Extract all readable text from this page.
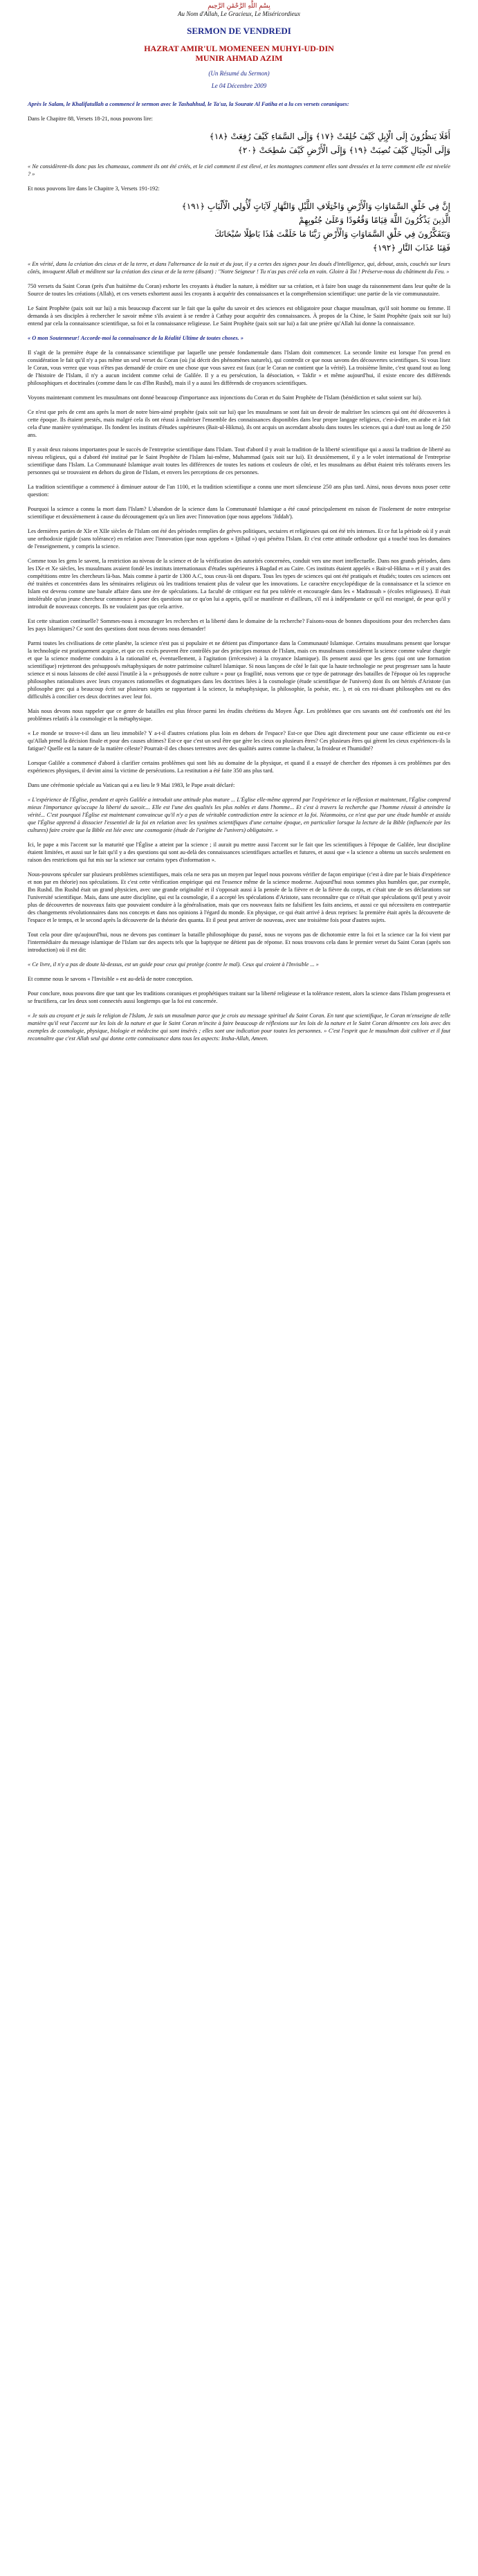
بِسْمِ اللَّهِ الرَّحْمَٰنِ الرَّحِيمِ
Au Nom d'Allah, Le Gracieux, Le Miséricordieux
SERMON DE VENDREDI
HAZRAT AMIR'UL MOMENEEN MUHYI-UD-DIN
MUNIR AHMAD AZIM
(Un Résumé du Sermon)
Le 04 Décembre 2009

Après le Salam, le Khalifatullah a commencé le sermon avec le Tashahhud, le Ta'uz, la Sourate Al Fatiha et a lu ces versets coraniques:

Dans le Chapitre 88, Versets 18-21, nous pouvons lire:

أَفَلَا يَنظُرُونَ إِلَى الْإِبِلِ كَيْفَ خُلِقَتْ ﴿١٧﴾ وَإِلَى السَّمَاءِ كَيْفَ رُفِعَتْ ﴿١٨﴾
وَإِلَى الْجِبَالِ كَيْفَ نُصِبَتْ ﴿١٩﴾ وَإِلَى الْأَرْضِ كَيْفَ سُطِحَتْ ﴿٢٠﴾

« Ne considèrent-ils donc pas les chameaux, comment ils ont été créés, et le ciel comment il est élevé, et les montagnes comment elles sont dressées et la terre comment elle est nivelée ? »

Et nous pouvons lire dans le Chapitre 3, Versets 191-192:

إِنَّ فِي خَلْقِ السَّمَاوَاتِ وَالْأَرْضِ وَاخْتِلَافِ اللَّيْلِ وَالنَّهَارِ لَآيَاتٍ لِّأُولِي الْأَلْبَابِ ﴿١٩١﴾
الَّذِينَ يَذْكُرُونَ اللَّهَ قِيَامًا وَقُعُودًا وَعَلَىٰ جُنُوبِهِمْ
وَيَتَفَكَّرُونَ فِي خَلْقِ السَّمَاوَاتِ وَالْأَرْضِ رَبَّنَا مَا خَلَقْتَ هَٰذَا بَاطِلًا سُبْحَانَكَ
فَقِنَا عَذَابَ النَّارِ ﴿١٩٢﴾

« En vérité, dans la création des cieux et de la terre, et dans l'alternance de la nuit et du jour, il y a certes des signes pour les doués d'intelligence, qui, debout, assis, couchés sur leurs côtés, invoquent Allah et méditent sur la création des cieux et de la terre (disant) : "Notre Seigneur ! Tu n'as pas créé cela en vain. Gloire à Toi ! Préserve-nous du châtiment du Feu. »

750 versets du Saint Coran (près d'un huitième du Coran) exhorte les croyants à étudier la nature, à méditer sur sa création, et à faire bon usage du raisonnement dans leur quête de la Source de toutes les créations (Allah), et ces versets exhortent aussi les croyants à acquérir des connaissances et la compréhension scientifique: une partie de la vie communautaire.

Le Saint Prophète (paix soit sur lui) a mis beaucoup d'accent sur le fait que la quête du savoir et des sciences est obligatoire pour chaque musulman, qu'il soit homme ou femme. Il demanda à ses disciples à rechercher le savoir même s'ils avaient à se rendre à Cathay pour acquérir des connaissances. À propos de la Chine, le Saint Prophète (paix soit sur lui) entend par cela la connaissance scientifique, sa foi et la connaissance religieuse. Le Saint Prophète (paix soit sur lui) a fait une prière qu'Allah lui donne la connaissance.

« O mon Soutenneur! Accorde-moi la connaissance de la Réalité Ultime de toutes choses. »

Il s'agit de la première étape de la connaissance scientifique par laquelle une pensée fondamentale dans l'Islam doit commencer. La seconde limite est lorsque l'on prend en considération le fait qu'il n'y a pas même un seul verset du Coran (où j'ai décrit des phénomènes naturels), qui contredit ce que nous savons des découvertes scientifiques. Si vous lisez le Coran, vous verrez que vous n'êtes pas demandé de croire en une chose que vous savez est faux (car le Coran ne contient que la vérité). La troisième limite, c'est quand tout au long de l'histoire de l'Islam, il n'y a aucun incident comme celui de Galilée. Il y a eu persécution, la désociation, « Takfir » et même aujourd'hui, il existe encore des différends philosophiques et doctrinales (comme dans le cas d'Ibn Rushd), mais il y a aussi les différends de croyances scientifiques.

Voyons maintenant comment les musulmans ont donné beaucoup d'importance aux injonctions du Coran et du Saint Prophète de l'Islam (bénédiction et salut soient sur lui).

Ce n'est que près de cent ans après la mort de notre bien-aimé prophète (paix soit sur lui) que les musulmans se sont fait un devoir de maîtriser les sciences qui ont été découvertes à cette époque. Ils étaient prestés, mais malgré cela ils ont réussi à maîtriser l'ensemble des connaissances disponibles dans leur propre langage religieux, c'est-à-dire, en arabe et à fait cela d'une manière systématique. Ils fondent les instituts d'études supérieures (Bait-ul-Hikma), ils ont acquis un ascendant absolu dans toutes les sciences qui a duré tout au long de 250 ans.

Il y avait deux raisons importantes pour le succès de l'entreprise scientifique dans l'Islam. Tout d'abord il y avait la tradition de la liberté scientifique qui a aussi la tradition de liberté au niveau religieux, qui a d'abord été institué par le Saint Prophète de l'Islam lui-même, Muhammad (paix soit sur lui). Et deuxièmement, il y a le volet international de l'entreprise scientifique dans l'Islam. La Communauté Islamique avait toutes les différences de toutes les nations et couleurs de côté, et les musulmans au début étaient très tolérants envers les personnes qui se trouvaient en dehors du giron de l'Islam, et envers les perceptions de ces personnes.

La tradition scientifique a commencé à diminuer autour de l'an 1100, et la tradition scientifique a connu une mort silencieuse 250 ans plus tard. Ainsi, nous devons nous poser cette question:

Pourquoi la science a connu la mort dans l'Islam? L'abandon de la science dans la Communauté Islamique a été causé principalement en raison de l'isolement de notre entreprise scientifique et deuxièmement à cause du découragement qu'a un lien avec l'innovation (que nous appelons 'Jiddah').

Les dernières parties de XIe et XIIe siècles de l'Islam ont été des périodes remplies de grèves politiques, sectaires et religieuses qui ont été très intenses. Et ce fut la période où il y avait une orthodoxie rigide (sans tolérance) en relation avec l'innovation (que nous appelons « Ijtihad ») qui pénétra l'Islam. Et c'est cette attitude orthodoxe qui a touché tous les domaines de l'enseignement, y compris la science.

Comme tous les gens le savent, la restriction au niveau de la science et de la vérification des autorités concernées, conduit vers une mort intellectuelle. Dans nos grands périodes, dans les IXe et Xe siècles, les musulmans avaient fondé les instituts internationaux d'études supérieures à Bagdad et au Caire. Ces instituts étaient appelés « Bait-ul-Hikma » et il y avait des compétitions entre les chercheurs là-bas. Mais comme à partir de 1300 A.C, tous ceux-là ont disparu. Tous les types de sciences qui ont été pratiqués et étudiés; toutes ces sciences ont été traitées et concentrées dans les séminaires religieux où les traditions tenaient plus de valeur que les innovations. Le caractère encyclopédique de la connaissance et la science en Islam est devenu comme une banale affaire dans une ère de spéculations. La faculté de critiquer est fut peu tolérée et encouragée dans les « Madrassah » (écoles religieuses). Il était intolérable qu'un jeune chercheur commence à poser des questions sur ce qu'on lui a appris, qu'il se manifeste et d'ailleurs, s'il est à indépendante ce qu'il est enseigné, de peur qu'il y introduit de nouveaux concepts. Ils ne voulaient pas que cela arrive.

Est cette situation continuelle? Sommes-nous à encourager les recherches et la liberté dans le domaine de la recherche? Faisons-nous de bonnes dispositions pour des recherches dans les pays Islamiques? Ce sont des questions dont nous devons nous demander!

Parmi toutes les civilisations de cette planète, la science n'est pas si populaire et ne détient pas d'importance dans la Communauté Islamique. Certains musulmans pensent que lorsque la technologie est pratiquement acquise, et que ces excès peuvent être contrôlés par des principes moraux de l'Islam, mais ces musulmans considèrent la science comme valeur chargée et que la science moderne conduira à la rationalité et, éventuellement, à l'agitation (irrécessive) à la croyance Islamique). Ils pensent aussi que les gens (qui ont une formation scientifique) rejetteront des présupposés métaphysiques de notre patrimoine culturel Islamique. Si nous lançons de côté le fait que la haute technologie ne peut progresser sans la haute science et si nous laissons de côté aussi l'inutile à la « présupposés de notre culture » pour ça fragilité, nous verrons que ce type de patronage des batailles de l'époque où les rapproche philosophes rationalistes avec leurs croyances rationnelles et dogmatiques dans les doctrines liées à la cosmologie (étude scientifique de l'univers) dont ils ont hérités d'Aristote (un philosophe grec qui a beaucoup écrit sur plusieurs sujets se rapportant à la science, la métaphysique, la philosophie, la poésie, etc. ), et où ces roi-disant philosophes ont eu des difficultés à concilier ces deux doctrines avec leur foi.

Mais nous devons nous rappeler que ce genre de batailles est plus féroce parmi les érudits chrétiens du Moyen Âge. Les problèmes que ces savants ont été confrontés ont été les problèmes relatifs à la cosmologie et la métaphysique.

« Le monde se trouve-t-il dans un lieu immobile? Y a-t-il d'autres créations plus loin en dehors de l'espace? Est-ce que Dieu agit directement pour une cause efficiente ou est-ce qu'Allah prend la décision finale et pour des causes ultimes? Est-ce que c'est un seul être que gère les cieux ou plusieurs êtres? Ces plusieurs êtres qui gèrent les cieux expériences-ils la fatigue? Quelle est la nature de la matière céleste? Pourrait-il des choses terrestres avec des qualités autres comme la chaleur, la froideur et l'humidité?

Lorsque Galilée a commencé d'abord à clarifier certains problèmes qui sont liés au domaine de la physique, et quand il a essayé de chercher des réponses à ces problèmes par des expériences physiques, il devint ainsi la victime de persécutions. La restitution a été faite 350 ans plus tard.

Dans une cérémonie spéciale au Vatican qui a eu lieu le 9 Mai 1983, le Pape avait déclaré:

« L'expérience de l'Église, pendant et après Galilée a introduit une attitude plus mature ... L'Église elle-même apprend par l'expérience et la réflexion et maintenant, l'Église comprend mieux l'importance qu'occupe la liberté du savoir.... Elle est l'une des qualités les plus nobles et dans l'homme... Et c'est à travers la recherche que l'homme réussit à atteindre la vérité... C'est pourquoi l'Église est maintenant convaincue qu'il n'y a pas de véritable contradiction entre la science et la foi. Néanmoins, ce n'est que par une étude humble et assidu que l'Église apprend à dissocier l'essentiel de la foi en relation avec les systèmes scientifiques d'une certaine époque, en particulier lorsque la lecture de la Bible (influencée par les cultures) faire croire que la Bible est liée avec une cosmogonie (étude de l'origine de l'univers) obligatoire. »

Ici, le pape a mis l'accent sur la maturité que l'Église a atteint par la science ; il aurait pu mettre aussi l'accent sur le fait que les scientifiques à l'époque de Galilée, leur discipline étaient limitées, et aussi sur le fait qu'il y a des questions qui sont au-delà des connaissances scientifiques actuelles et futures, et aussi que « la science a obtenu un succès seulement en raison des restrictions qui fut mis sur la science sur certains types d'information ».

Nous-pouvons spéculer sur plusieurs problèmes scientifiques, mais cela ne sera pas un moyen par lequel nous pouvons vérifier de façon empirique (c'est à dire par le biais d'expérience et non par en théorie) nos spéculations. Et c'est cette vérification empirique qui est l'essence même de la science moderne. Aujourd'hui nous sommes plus humbles que, par exemple, Ibn Rushd. Ibn Rushd était un grand physicien, avec une grande originalité et il s'opposait aussi à la pensée de la fièvre et de la fièvre du corps, et c'était une de ses déclarations sur l'université scientifique. Mais, dans une autre discipline, qui est la cosmologie, il a accepté les spéculations d'Aristote, sans reconnaître que ce n'était que spéculations qu'il peut y avoir plus de découvertes de nouveaux faits que pouvaient conduire à la généralisation, mais que ces nouveaux faits ne falsifient les faits anciens, et aussi ce qui nécessitera en contrepartie des changements révolutionnaires dans nos concepts et dans nos opinions à l'égard du monde. En physique, ce qui était arrivé à deux reprises: la première était après la découverte de l'espace et le temps, et le second après la découverte de la théorie des quanta. Et il peut peut arriver de nouveau, avec une troisième fois pour d'autres sujets.

Tout cela pour dire qu'aujourd'hui, nous ne devons pas continuer la bataille philosophique du passé, nous ne voyons pas de dichotomie entre la foi et la science car la foi vient par l'intermédiaire du message islamique de l'Islam sur des aspects tels que la baptyque ne détient pas de réponse. Et nous trouvons cela dans le premier verset du Saint Coran (après son introduction) où il est dit:

« Ce livre, il n'y a pas de doute là-dessus, est un guide pour ceux qui protège (contre le mal). Ceux qui croient à l'Invisible ... »

Et comme nous le savons « l'Invisible » est au-delà de notre conception.

Pour conclure, nous pouvons dire que tant que les traditions coraniques et prophétiques traitant sur la liberté religieuse et la tolérance restent, alors la science dans l'Islam progressera et se fructifiera, car les deux sont connectés aussi longtemps que la foi est concernée.

« Je suis au croyant et je suis le religion de l'Islam, Je suis un musulman parce que je crois au message spirituel du Saint Coran. En tant que scientifique, le Coran m'enseigne de telle manière qu'il veut l'accent sur les lois de la nature et que le Saint Coran m'incite à faire beaucoup de réflexions sur les lois de la nature et le Saint Coran démontre ces lois avec des exemples de cosmologie, physique, biologie et médecine qui sont insérés ; elles sont une indication pour toutes les personnes. » C'est l'esprit que le musulman doit cultiver et il faut reconnaître que c'est Allah seul qui donne cette connaissance dans tous les aspects: Insha-Allah, Ameen.
